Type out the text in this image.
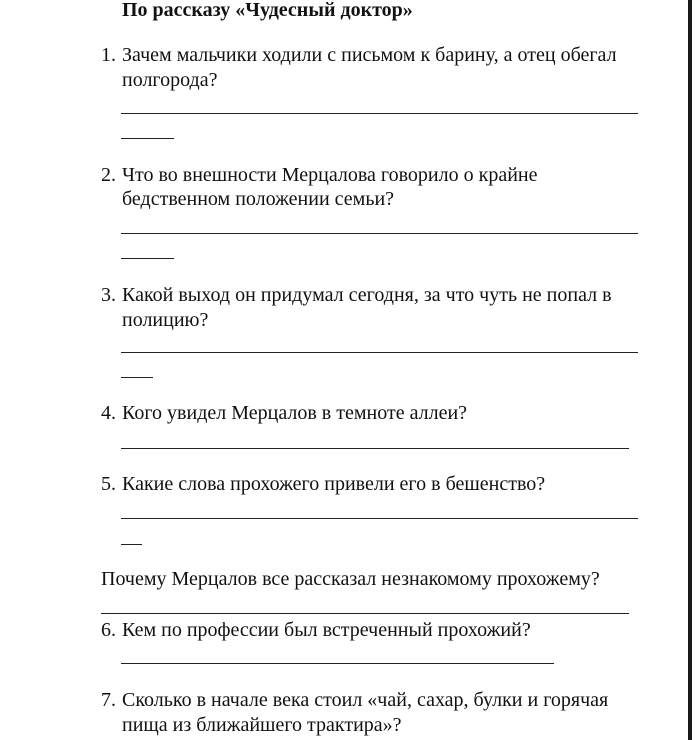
По рассказу «Чудесный доктор»
1. Зачем мальчики ходили с письмом к барину, а отец обегал
полгорода?
2. Что во внешности Мерцалова говорило о крайне
бедственном положении семьи?
3. Какой выход он придумал сегодня, за что чуть не попал в
полицию?
4. Кого увидел Мерцалов в темноте аллеи?
5. Какие слова прохожего привели его в бешенство?
Почему Мерцалов все рассказал незнакомому прохожему?
6. Кем по профессии был встреченный прохожий?
7. Сколько в начале века стоил «чай, сахар, булки и горячая
пища из ближайшего трактира»?
